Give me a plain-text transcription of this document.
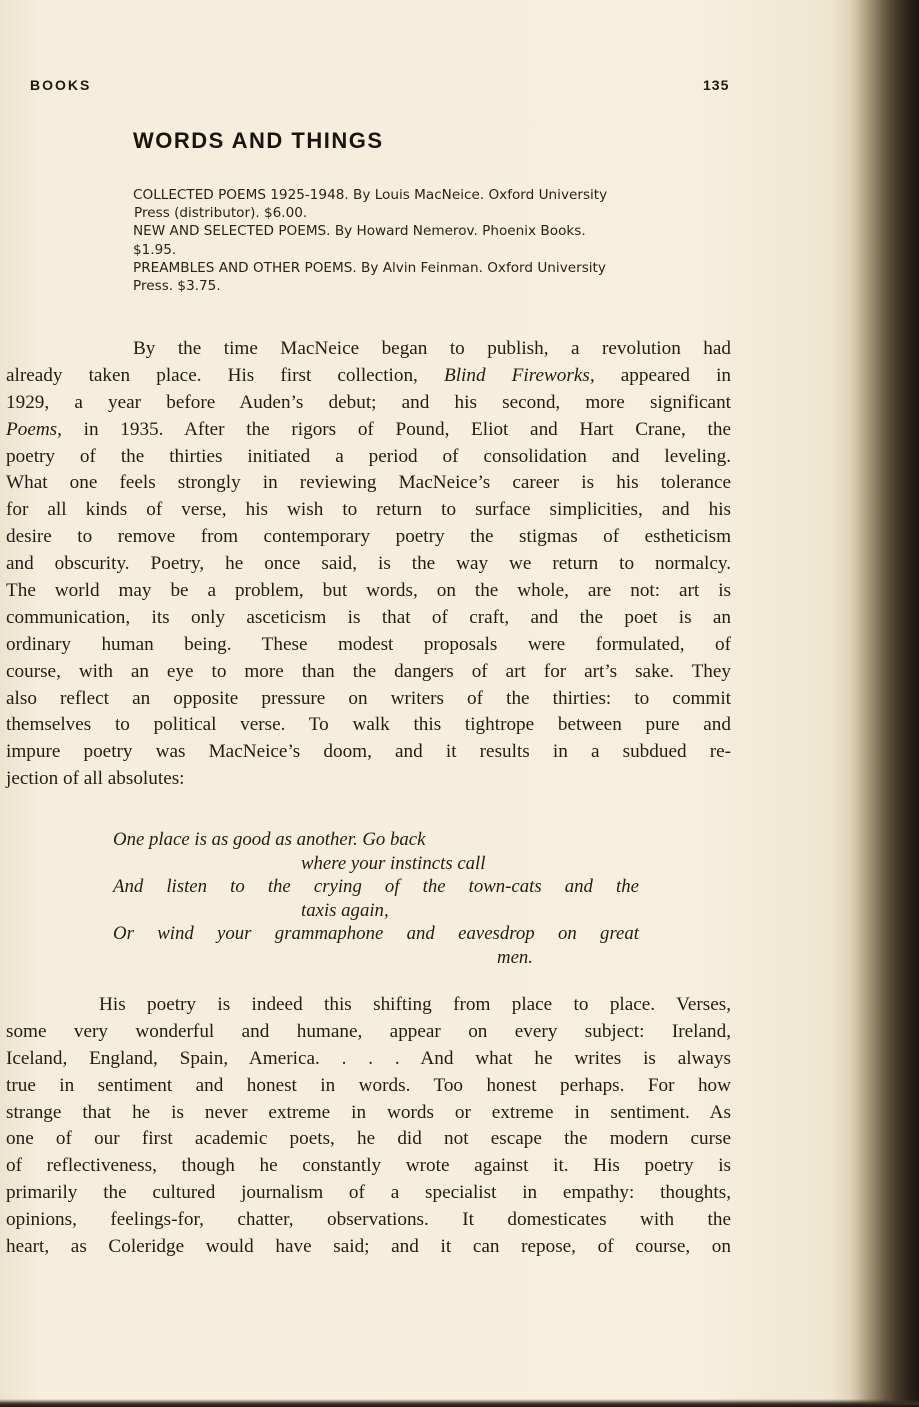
BOOKS	135
WORDS AND THINGS
COLLECTED POEMS 1925-1948. By Louis MacNeice. Oxford University
Press (distributor). $6.00.
NEW AND SELECTED POEMS. By Howard Nemerov. Phoenix Books.
$1.95.
PREAMBLES AND OTHER POEMS. By Alvin Feinman. Oxford University
Press. $3.75.
By the time MacNeice began to publish, a revolution had
already taken place. His first collection, Blind Fireworks, appeared in
1929, a year before Auden’s debut; and his second, more significant
Poems, in 1935. After the rigors of Pound, Eliot and Hart Crane, the
poetry of the thirties initiated a period of consolidation and leveling.
What one feels strongly in reviewing MacNeice’s career is his tolerance
for all kinds of verse, his wish to return to surface simplicities, and his
desire to remove from contemporary poetry the stigmas of estheticism
and obscurity. Poetry, he once said, is the way we return to normalcy.
The world may be a problem, but words, on the whole, are not: art is
communication, its only asceticism is that of craft, and the poet is an
ordinary human being. These modest proposals were formulated, of
course, with an eye to more than the dangers of art for art’s sake. They
also reflect an opposite pressure on writers of the thirties: to commit
themselves to political verse. To walk this tightrope between pure and
impure poetry was MacNeice’s doom, and it results in a subdued re-
jection of all absolutes:
One place is as good as another. Go back
where your instincts call
And listen to the crying of the town-cats and the
taxis again,
Or wind your grammaphone and eavesdrop on great
men.
His poetry is indeed this shifting from place to place. Verses,
some very wonderful and humane, appear on every subject: Ireland,
Iceland, England, Spain, America. . . . And what he writes is always
true in sentiment and honest in words. Too honest perhaps. For how
strange that he is never extreme in words or extreme in sentiment. As
one of our first academic poets, he did not escape the modern curse
of reflectiveness, though he constantly wrote against it. His poetry is
primarily the cultured journalism of a specialist in empathy: thoughts,
opinions, feelings-for, chatter, observations. It domesticates with the
heart, as Coleridge would have said; and it can repose, of course, on
